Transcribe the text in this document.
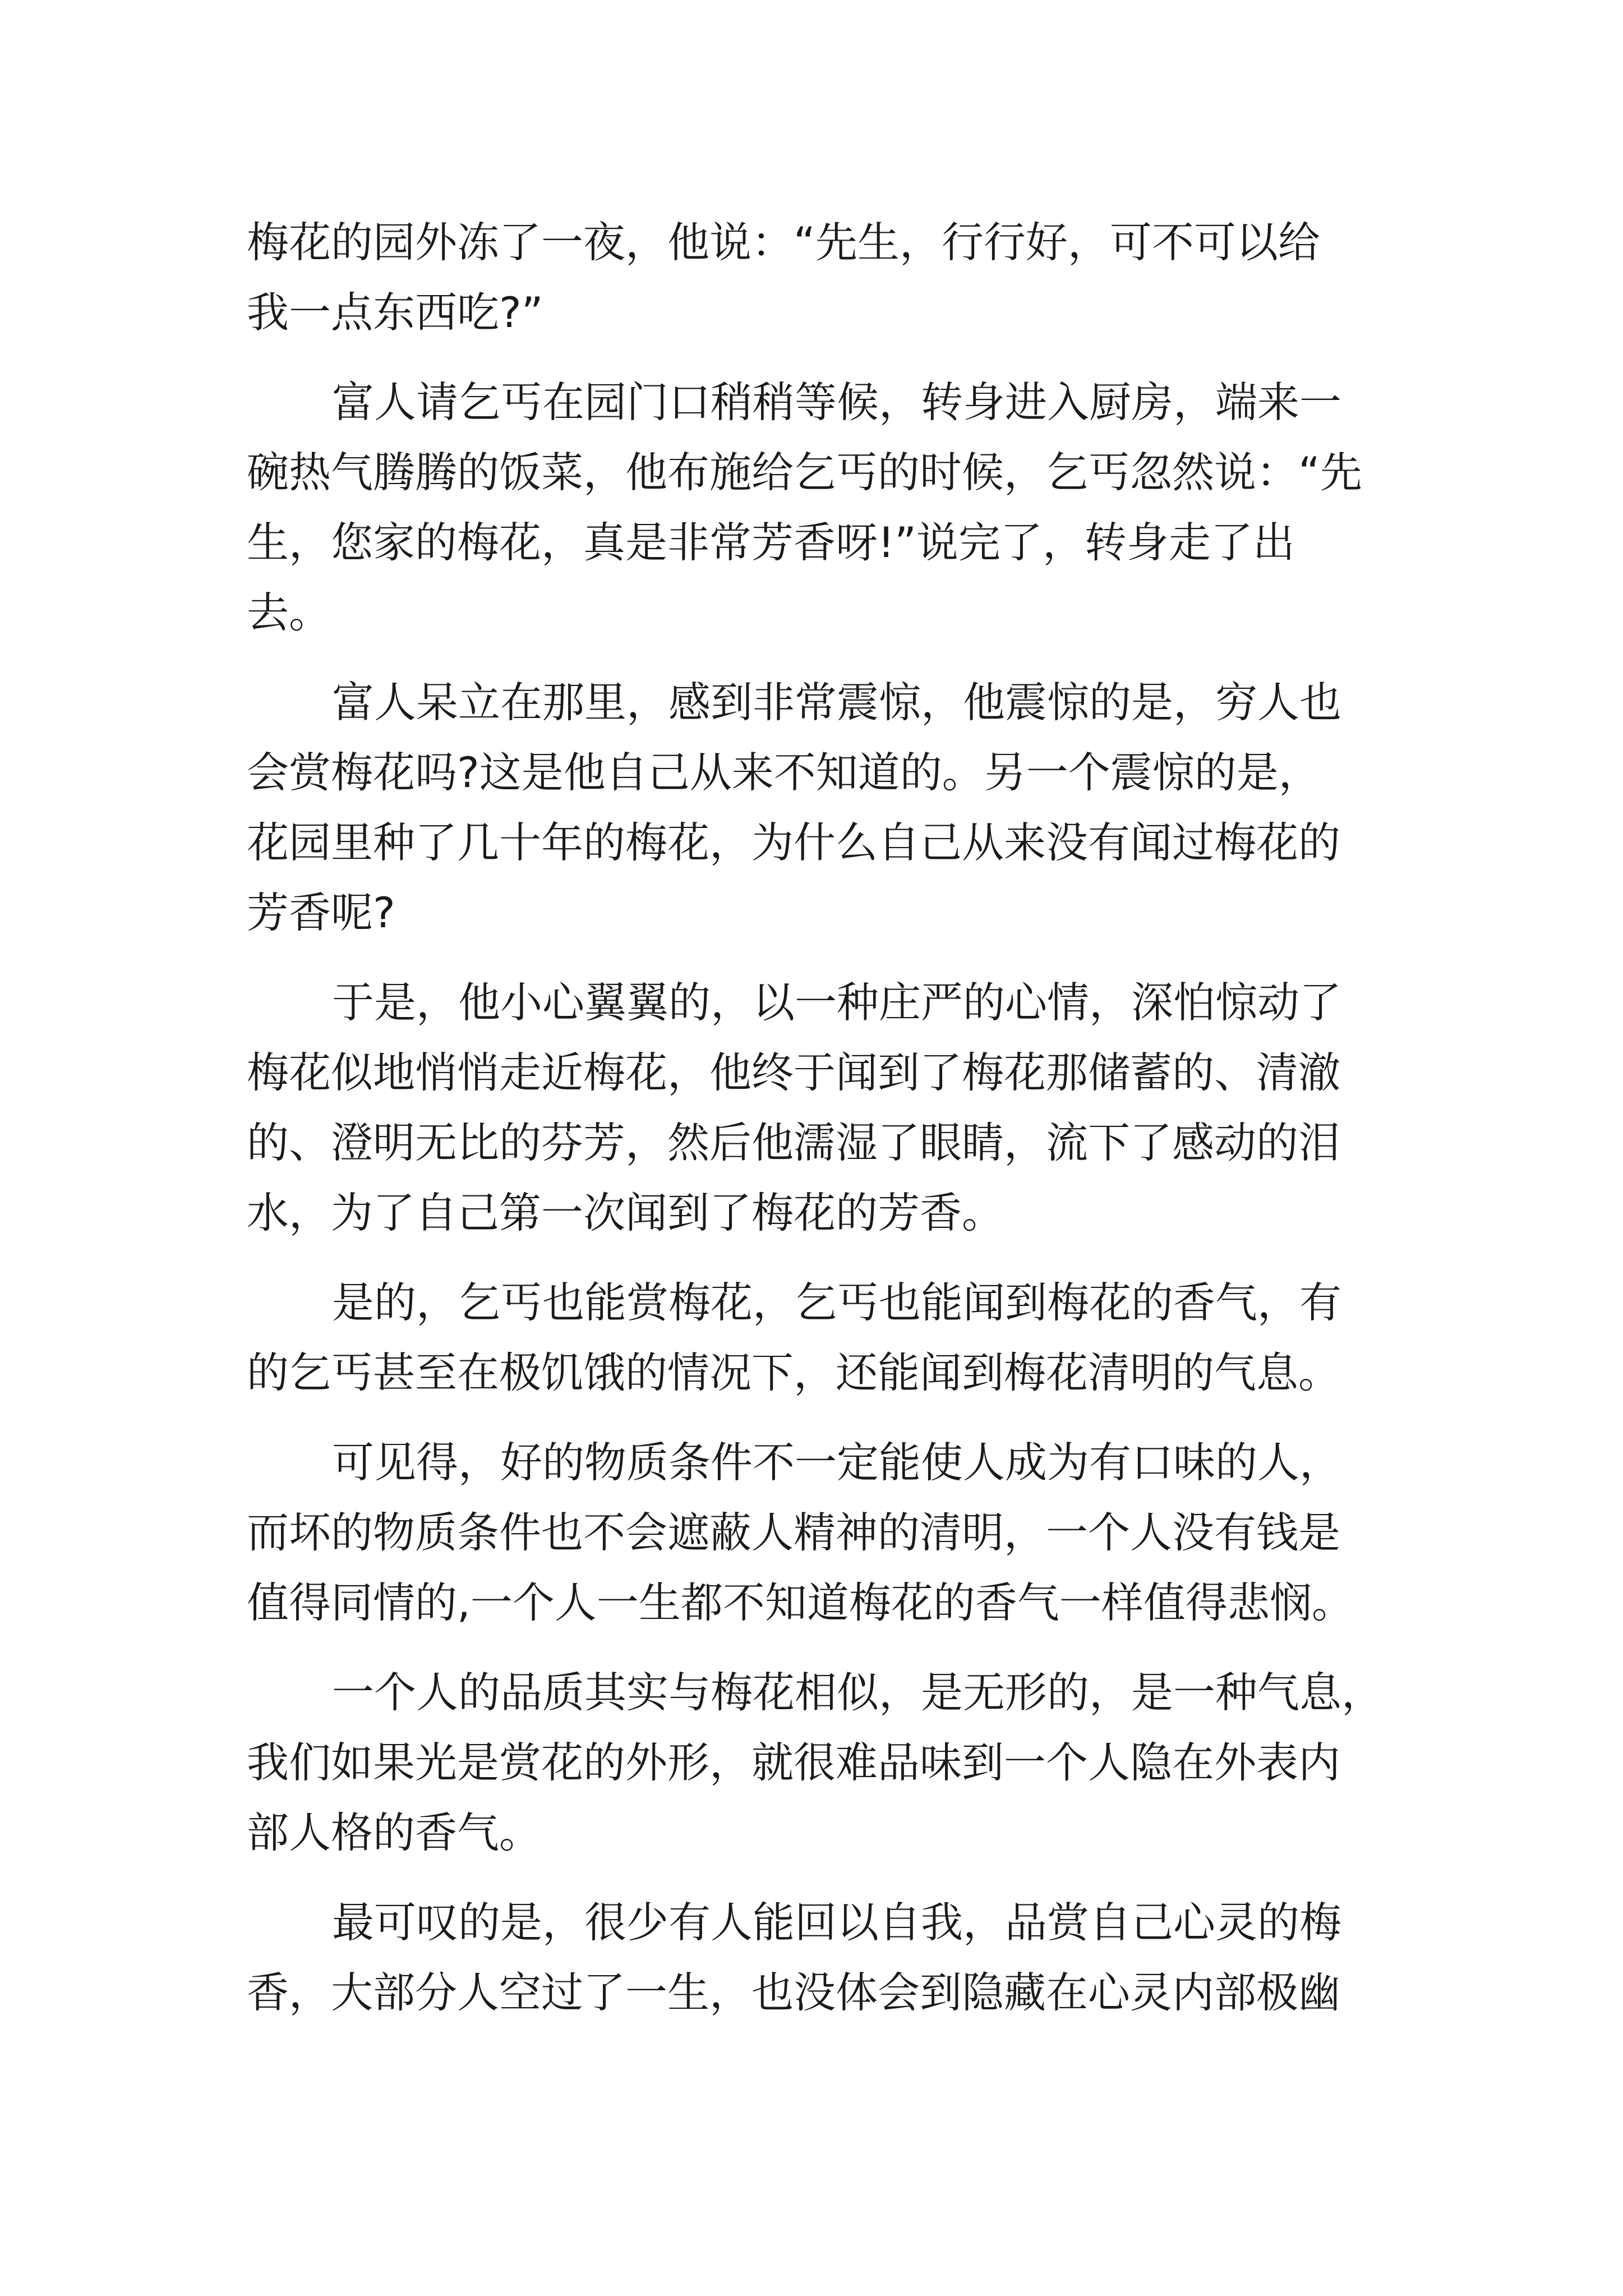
梅花的园外冻了一夜，他说：“先生，行行好，可不可以给
我一点东西吃?”
富人请乞丐在园门口稍稍等候，转身进入厨房，端来一
碗热气腾腾的饭菜，他布施给乞丐的时候，乞丐忽然说：“先
生，您家的梅花，真是非常芳香呀!”说完了，转身走了出
去。
富人呆立在那里，感到非常震惊，他震惊的是，穷人也
会赏梅花吗?这是他自己从来不知道的。另一个震惊的是，
花园里种了几十年的梅花，为什么自己从来没有闻过梅花的
芳香呢?
于是，他小心翼翼的，以一种庄严的心情，深怕惊动了
梅花似地悄悄走近梅花，他终于闻到了梅花那储蓄的、清澈
的、澄明无比的芬芳，然后他濡湿了眼睛，流下了感动的泪
水，为了自己第一次闻到了梅花的芳香。
是的，乞丐也能赏梅花，乞丐也能闻到梅花的香气，有
的乞丐甚至在极饥饿的情况下，还能闻到梅花清明的气息。
可见得，好的物质条件不一定能使人成为有口味的人，
而坏的物质条件也不会遮蔽人精神的清明，一个人没有钱是
值得同情的,一个人一生都不知道梅花的香气一样值得悲悯。
一个人的品质其实与梅花相似，是无形的，是一种气息，
我们如果光是赏花的外形，就很难品味到一个人隐在外表内
部人格的香气。
最可叹的是，很少有人能回以自我，品赏自己心灵的梅
香，大部分人空过了一生，也没体会到隐藏在心灵内部极幽
